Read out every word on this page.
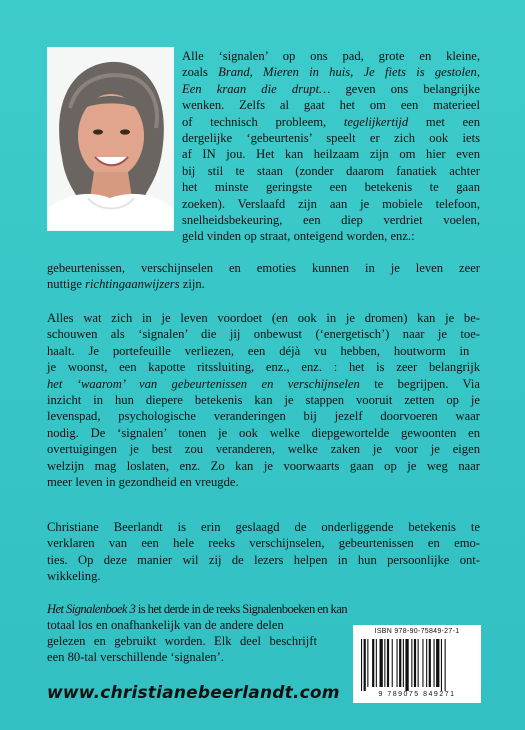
Alle ‘signalen’ op ons pad, grote en kleine,
zoals Brand, Mieren in huis, Je fiets is gestolen,
Een kraan die drupt… geven ons belangrijke
wenken. Zelfs al gaat het om een materieel
of technisch probleem, tegelijkertijd met een
dergelijke ‘gebeurtenis’ speelt er zich ook iets
af IN jou. Het kan heilzaam zijn om hier even
bij stil te staan (zonder daarom fanatiek achter
het minste geringste een betekenis te gaan
zoeken). Verslaafd zijn aan je mobiele telefoon,
snelheidsbekeuring, een diep verdriet voelen,
geld vinden op straat, onteigend worden, enz.:
gebeurtenissen, verschijnselen en emoties kunnen in je leven zeer
nuttige richtingaanwijzers zijn.
Alles wat zich in je leven voordoet (en ook in je dromen) kan je be-
schouwen als ‘signalen’ die jij onbewust (‘energetisch’) naar je toe-
haalt. Je portefeuille verliezen, een déjà vu hebben, houtworm in
je woonst, een kapotte ritssluiting, enz., enz. : het is zeer belangrijk
het ‘waarom’ van gebeurtenissen en verschijnselen te begrijpen. Via
inzicht in hun diepere betekenis kan je stappen vooruit zetten op je
levenspad, psychologische veranderingen bij jezelf doorvoeren waar
nodig. De ‘signalen’ tonen je ook welke diepgewortelde gewoonten en
overtuigingen je best zou veranderen, welke zaken je voor je eigen
welzijn mag loslaten, enz. Zo kan je voorwaarts gaan op je weg naar
meer leven in gezondheid en vreugde.
Christiane Beerlandt is erin geslaagd de onderliggende betekenis te
verklaren van een hele reeks verschijnselen, gebeurtenissen en emo-
ties. Op deze manier wil zij de lezers helpen in hun persoonlijke ont-
wikkeling.
Het Signalenboek 3 is het derde in de reeks Signalenboeken en kan
totaal los en onafhankelijk van de andere delen
gelezen en gebruikt worden. Elk deel beschrijft
een 80-tal verschillende ‘signalen’.
ISBN 978-90-75849-27-1
9 789075 849271
www.christianebeerlandt.com
